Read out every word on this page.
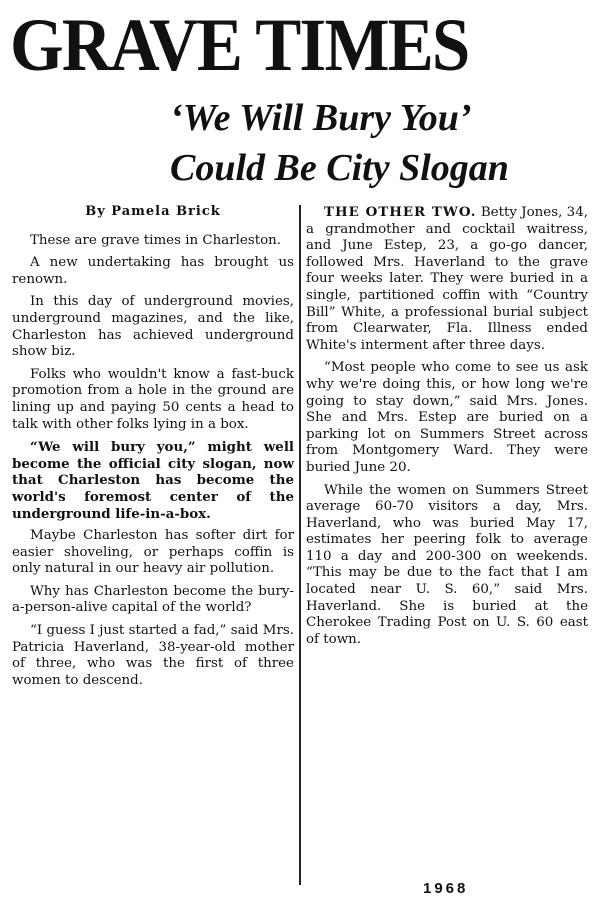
GRAVE TIMES
‘We Will Bury You’
Could Be City Slogan
By Pamela Brick

These are grave times in Charleston.

A new undertaking has brought us renown.

In this day of underground movies, underground magazines, and the like, Charleston has achieved underground show biz.

Folks who wouldn't know a fast-buck promotion from a hole in the ground are lining up and paying 50 cents a head to talk with other folks lying in a box.

“We will bury you,” might well become the official city slogan, now that Charleston has become the world's foremost center of the underground life-in-a-box.

Maybe Charleston has softer dirt for easier shoveling, or perhaps coffin is only natural in our heavy air pollution.

Why has Charleston become the bury-a-person-alive capital of the world?

“I guess I just started a fad,” said Mrs. Patricia Haverland, 38-year-old mother of three, who was the first of three women to descend.

THE OTHER TWO. Betty Jones, 34, a grandmother and cocktail waitress, and June Estep, 23, a go-go dancer, followed Mrs. Haverland to the grave four weeks later. They were buried in a single, partitioned coffin with “Country Bill” White, a professional burial subject from Clearwater, Fla. Illness ended White's interment after three days.

“Most people who come to see us ask why we're doing this, or how long we're going to stay down,” said Mrs. Jones. She and Mrs. Estep are buried on a parking lot on Summers Street across from Montgomery Ward. They were buried June 20.

While the women on Summers Street average 60-70 visitors a day, Mrs. Haverland, who was buried May 17, estimates her peering folk to average 110 a day and 200-300 on weekends. “This may be due to the fact that I am located near U. S. 60,” said Mrs. Haverland. She is buried at the Cherokee Trading Post on U. S. 60 east of town.

1968
